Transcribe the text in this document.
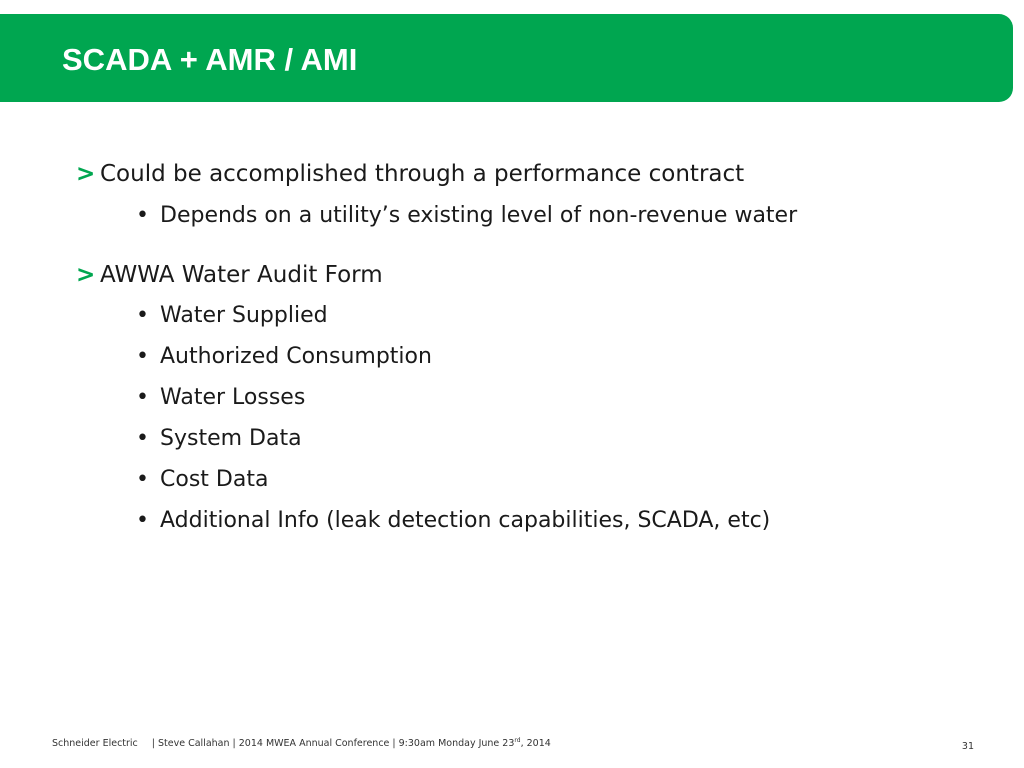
SCADA + AMR / AMI
> Could be accomplished through a performance contract
• Depends on a utility’s existing level of non-revenue water
> AWWA Water Audit Form
• Water Supplied
• Authorized Consumption
• Water Losses
• System Data
• Cost Data
• Additional Info (leak detection capabilities, SCADA, etc)
Schneider Electric | Steve Callahan | 2014 MWEA Annual Conference | 9:30am Monday June 23rd, 2014	31
